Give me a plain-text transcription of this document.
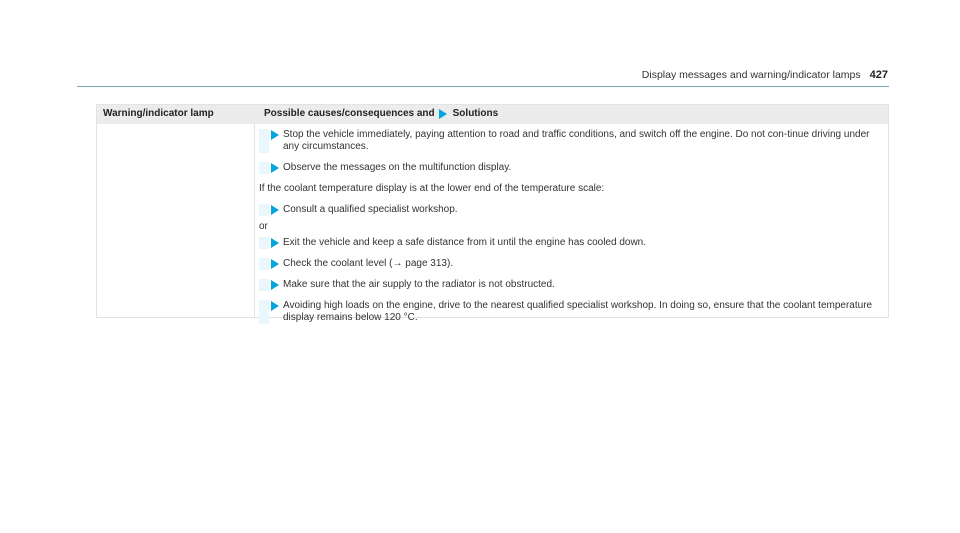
Display messages and warning/indicator lamps 427
Warning/indicator lamp	Possible causes/consequences and Solutions
Stop the vehicle immediately, paying attention to road and traffic conditions, and switch off the engine. Do not con-tinue driving under any circumstances.
Observe the messages on the multifunction display.
If the coolant temperature display is at the lower end of the temperature scale:
Consult a qualified specialist workshop.
or
Exit the vehicle and keep a safe distance from it until the engine has cooled down.
Check the coolant level (→ page 313).
Make sure that the air supply to the radiator is not obstructed.
Avoiding high loads on the engine, drive to the nearest qualified specialist workshop. In doing so, ensure that the coolant temperature display remains below 120 °C.
